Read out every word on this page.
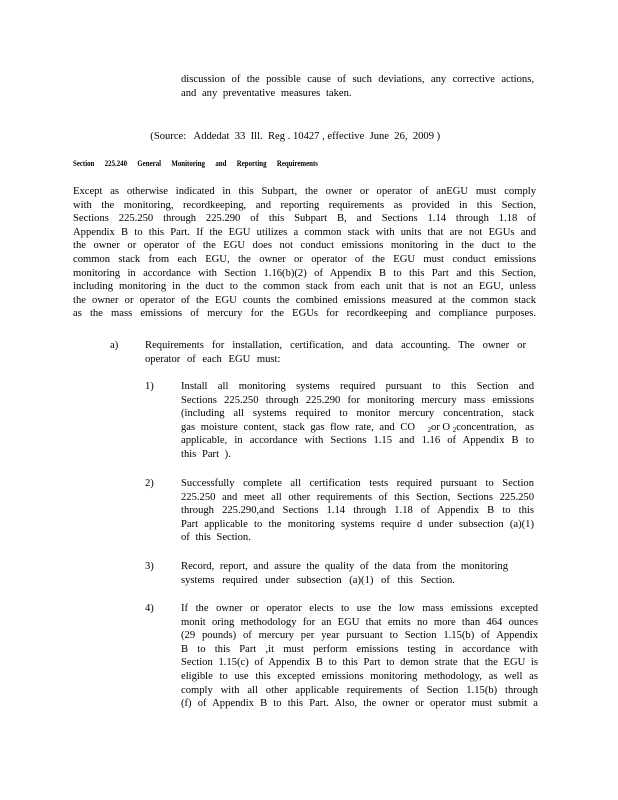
discussion of the possible cause of such deviations, any corrective actions,
and any preventative measures taken.

(Source:   Addedat  33  Ill.  Reg . 10427 , effective  June  26,  2009 )

Section 225.240 General Monitoring and Reporting Requirements
Except as otherwise indicated in this Subpart, the owner or operator of anEGU must comply
with the monitoring, recordkeeping, and reporting requirements as provided in this Section,
Sections 225.250 through 225.290 of this Subpart B, and Sections 1.14 through 1.18 of
Appendix B to this Part. If the EGU utilizes a common stack with units that are not EGUs and
the owner or operator of the EGU does not conduct emissions monitoring in the duct to the
common stack from each EGU, the owner or operator of the EGU must conduct emissions
monitoring in accordance with Section 1.16(b)(2) of Appendix B to this Part and this Section,
including monitoring in the duct to the common stack from each unit that is not an EGU, unless
the owner or operator of the EGU counts the combined emissions measured at the common stack
as the mass emissions of mercury for the EGUs for recordkeeping and compliance purposes.
a)	Requirements for installation, certification, and data accounting. The owner or
operator of each EGU must:
1)	Install all monitoring systems required pursuant to this Section and
Sections 225.250 through 225.290 for monitoring mercury mass emissions
(including all systems required to monitor mercury concentration, stack
gas moisture content, stack gas flow rate, and CO $_2$or O $_2$concentration, as
applicable, in accordance with Sections 1.15 and 1.16 of Appendix B to
this Part ).
2)	Successfully complete all certification tests required pursuant to Section
225.250 and meet all other requirements of this Section, Sections 225.250
through 225.290,and Sections 1.14 through 1.18 of Appendix B to this
Part applicable to the monitoring systems require d under subsection (a)(1)
of this Section.
3)	Record, report, and assure the quality of the data from the monitoring
systems required under subsection (a)(1) of this Section.
4)	If the owner or operator elects to use the low mass emissions excepted
monit oring methodology for an EGU that emits no more than 464 ounces
(29 pounds) of mercury per year pursuant to Section 1.15(b) of Appendix
B to this Part ,it must perform emissions testing in accordance with
Section 1.15(c) of Appendix B to this Part to demon strate that the EGU is
eligible to use this excepted emissions monitoring methodology, as well as
comply with all other applicable requirements of Section 1.15(b) through
(f) of Appendix B to this Part. Also, the owner or operator must submit a
